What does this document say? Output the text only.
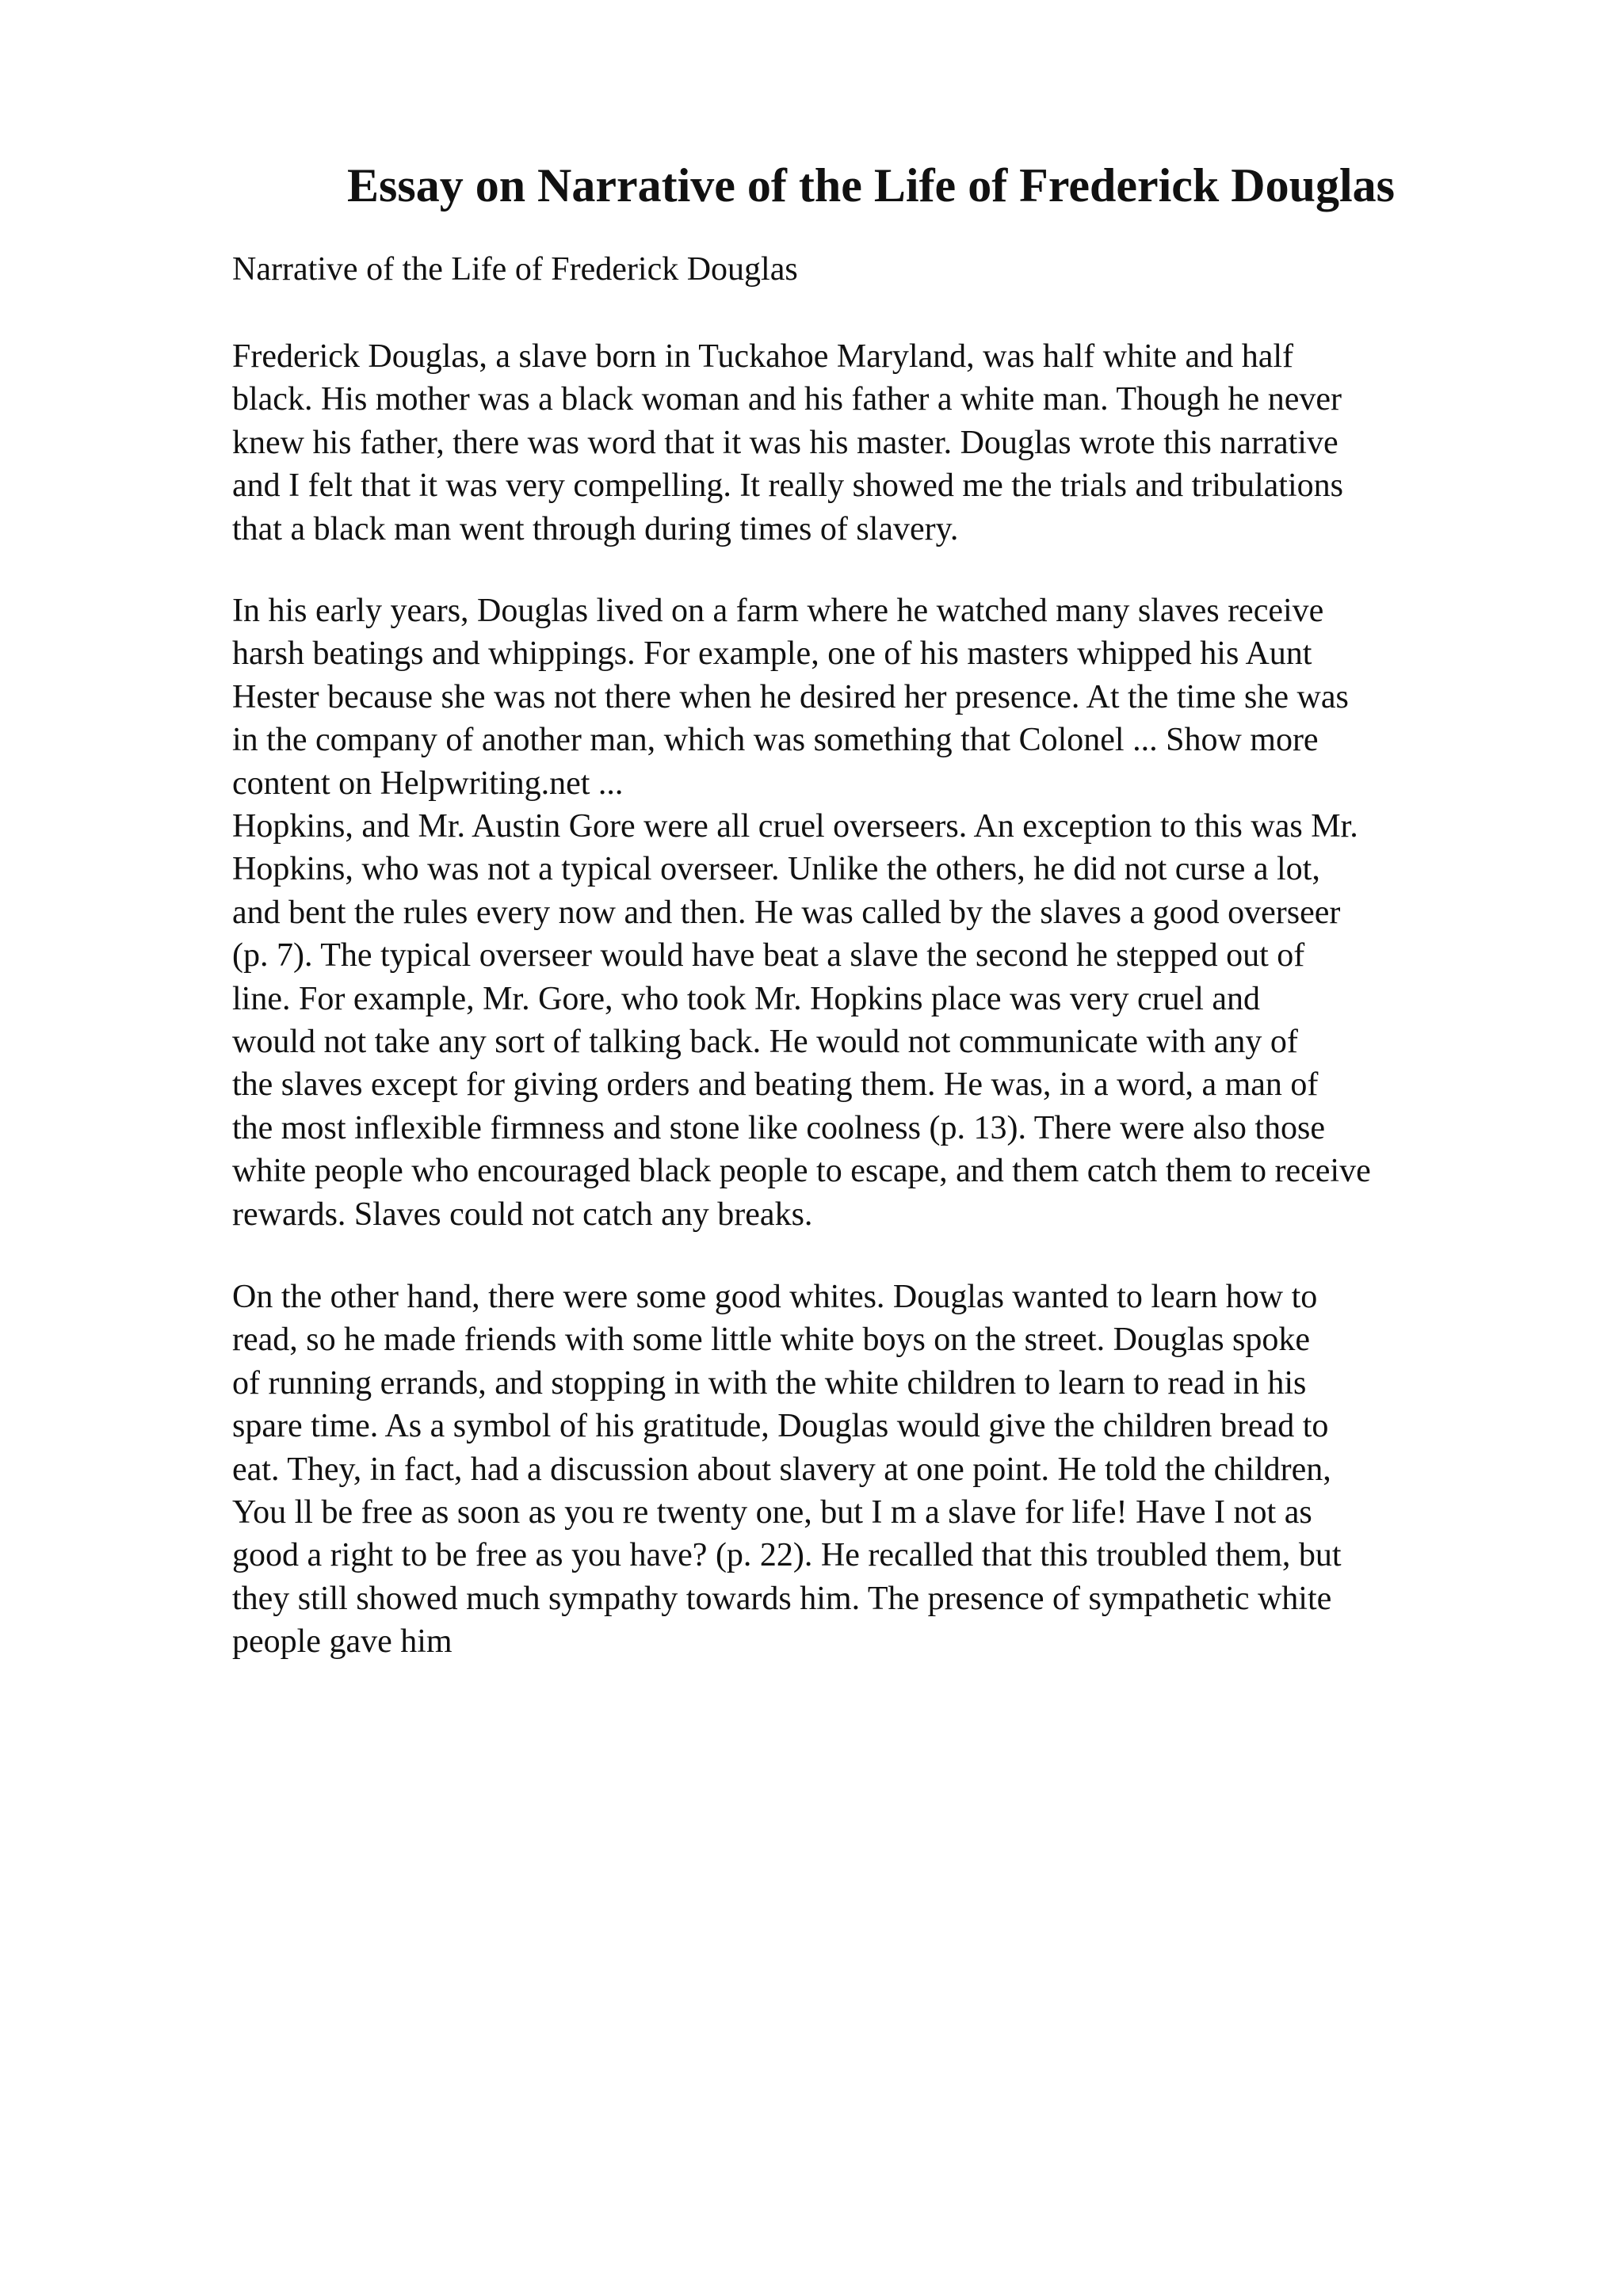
Essay on Narrative of the Life of Frederick Douglas

Narrative of the Life of Frederick Douglas

Frederick Douglas, a slave born in Tuckahoe Maryland, was half white and half
black. His mother was a black woman and his father a white man. Though he never
knew his father, there was word that it was his master. Douglas wrote this narrative
and I felt that it was very compelling. It really showed me the trials and tribulations
that a black man went through during times of slavery.
In his early years, Douglas lived on a farm where he watched many slaves receive
harsh beatings and whippings. For example, one of his masters whipped his Aunt
Hester because she was not there when he desired her presence. At the time she was
in the company of another man, which was something that Colonel ... Show more
content on Helpwriting.net ...
Hopkins, and Mr. Austin Gore were all cruel overseers. An exception to this was Mr.
Hopkins, who was not a typical overseer. Unlike the others, he did not curse a lot,
and bent the rules every now and then. He was called by the slaves a good overseer
(p. 7). The typical overseer would have beat a slave the second he stepped out of
line. For example, Mr. Gore, who took Mr. Hopkins place was very cruel and
would not take any sort of talking back. He would not communicate with any of
the slaves except for giving orders and beating them. He was, in a word, a man of
the most inflexible firmness and stone like coolness (p. 13). There were also those
white people who encouraged black people to escape, and them catch them to receive
rewards. Slaves could not catch any breaks.
On the other hand, there were some good whites. Douglas wanted to learn how to
read, so he made friends with some little white boys on the street. Douglas spoke
of running errands, and stopping in with the white children to learn to read in his
spare time. As a symbol of his gratitude, Douglas would give the children bread to
eat. They, in fact, had a discussion about slavery at one point. He told the children,
You ll be free as soon as you re twenty one, but I m a slave for life! Have I not as
good a right to be free as you have? (p. 22). He recalled that this troubled them, but
they still showed much sympathy towards him. The presence of sympathetic white
people gave him
